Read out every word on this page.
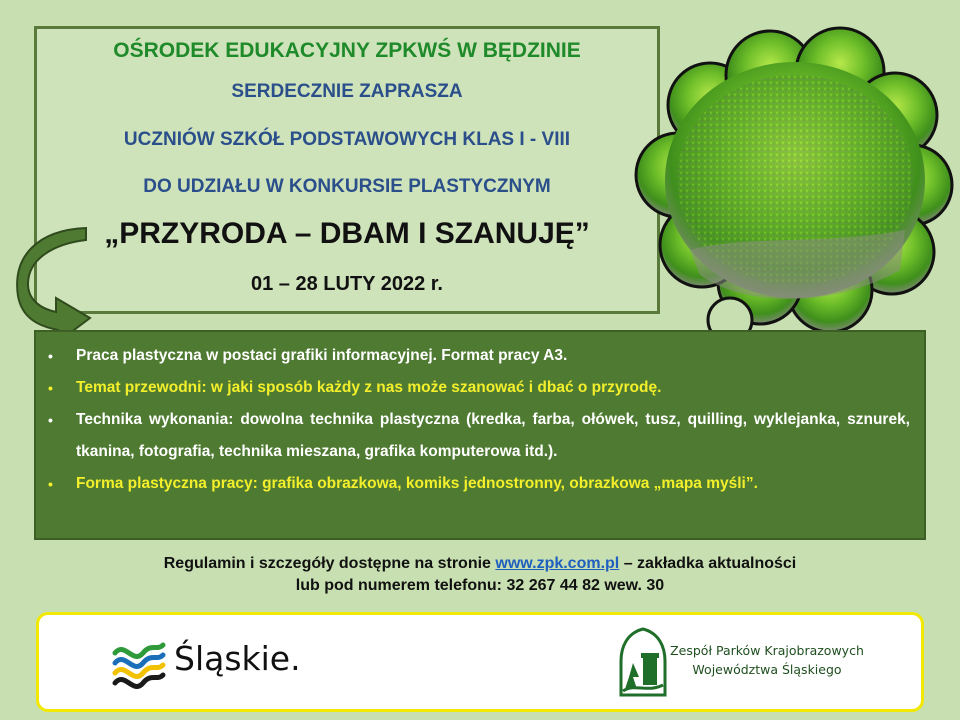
OŚRODEK EDUKACYJNY ZPKWŚ W BĘDZINIE
SERDECZNIE ZAPRASZA
UCZNIÓW SZKÓŁ PODSTAWOWYCH KLAS I - VIII
DO UDZIAŁU W KONKURSIE PLASTYCZNYM
„PRZYRODA – DBAM I SZANUJĘ”
01 – 28 LUTY 2022 r.
• Praca plastyczna w postaci grafiki informacyjnej. Format pracy A3.
• Temat przewodni: w jaki sposób każdy z nas może szanować i dbać o przyrodę.
• Technika wykonania: dowolna technika plastyczna (kredka, farba, ołówek, tusz, quilling, wyklejanka, sznurek, tkanina, fotografia, technika mieszana, grafika komputerowa itd.).
• Forma plastyczna pracy: grafika obrazkowa, komiks jednostronny, obrazkowa „mapa myśli”.
Regulamin i szczegóły dostępne na stronie www.zpk.com.pl – zakładka aktualności
lub pod numerem telefonu: 32 267 44 82 wew. 30
Śląskie.	Zespół Parków Krajobrazowych
Województwa Śląskiego
